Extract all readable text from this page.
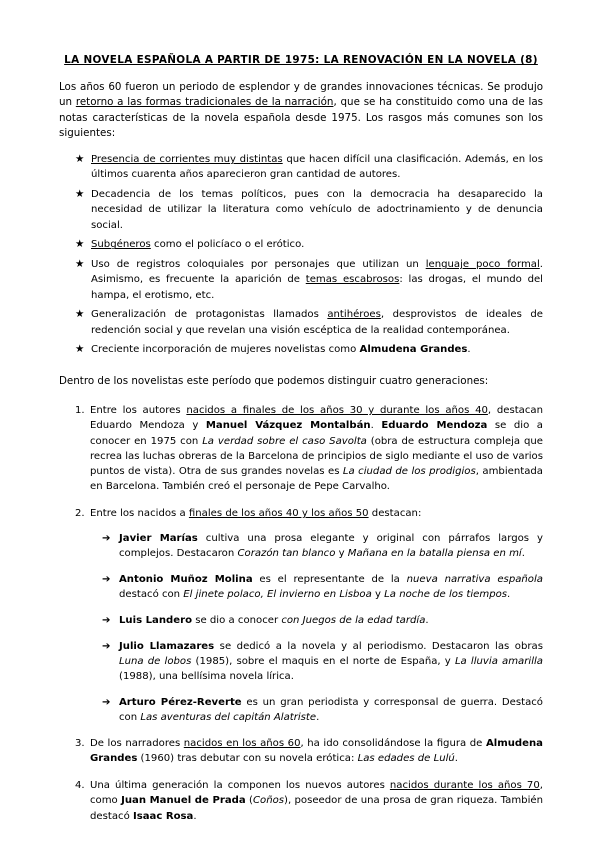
LA NOVELA ESPAÑOLA A PARTIR DE 1975: LA RENOVACIÓN EN LA NOVELA (8)

Los años 60 fueron un periodo de esplendor y de grandes innovaciones técnicas. Se produjo un retorno a las formas tradicionales de la narración, que se ha constituido como una de las notas características de la novela española desde 1975. Los rasgos más comunes son los siguientes:

★ Presencia de corrientes muy distintas que hacen difícil una clasificación. Además, en los últimos cuarenta años aparecieron gran cantidad de autores.
★ Decadencia de los temas políticos, pues con la democracia ha desaparecido la necesidad de utilizar la literatura como vehículo de adoctrinamiento y de denuncia social.
★ Subgéneros como el policíaco o el erótico.
★ Uso de registros coloquiales por personajes que utilizan un lenguaje poco formal. Asimismo, es frecuente la aparición de temas escabrosos: las drogas, el mundo del hampa, el erotismo, etc.
★ Generalización de protagonistas llamados antihéroes, desprovistos de ideales de redención social y que revelan una visión escéptica de la realidad contemporánea.
★ Creciente incorporación de mujeres novelistas como Almudena Grandes.

Dentro de los novelistas este período que podemos distinguir cuatro generaciones:

1. Entre los autores nacidos a finales de los años 30 y durante los años 40, destacan Eduardo Mendoza y Manuel Vázquez Montalbán. Eduardo Mendoza se dio a conocer en 1975 con La verdad sobre el caso Savolta (obra de estructura compleja que recrea las luchas obreras de la Barcelona de principios de siglo mediante el uso de varios puntos de vista). Otra de sus grandes novelas es La ciudad de los prodigios, ambientada en Barcelona. También creó el personaje de Pepe Carvalho.
2. Entre los nacidos a finales de los años 40 y los años 50 destacan:
➔ Javier Marías cultiva una prosa elegante y original con párrafos largos y complejos. Destacaron Corazón tan blanco y Mañana en la batalla piensa en mí.
➔ Antonio Muñoz Molina es el representante de la nueva narrativa española destacó con El jinete polaco, El invierno en Lisboa y La noche de los tiempos.
➔ Luis Landero se dio a conocer con Juegos de la edad tardía.
➔ Julio Llamazares se dedicó a la novela y al periodismo. Destacaron las obras Luna de lobos (1985), sobre el maquis en el norte de España, y La lluvia amarilla (1988), una bellísima novela lírica.
➔ Arturo Pérez-Reverte es un gran periodista y corresponsal de guerra. Destacó con Las aventuras del capitán Alatriste.
3. De los narradores nacidos en los años 60, ha ido consolidándose la figura de Almudena Grandes (1960) tras debutar con su novela erótica: Las edades de Lulú.
4. Una última generación la componen los nuevos autores nacidos durante los años 70, como Juan Manuel de Prada (Coños), poseedor de una prosa de gran riqueza. También destacó Isaac Rosa.
